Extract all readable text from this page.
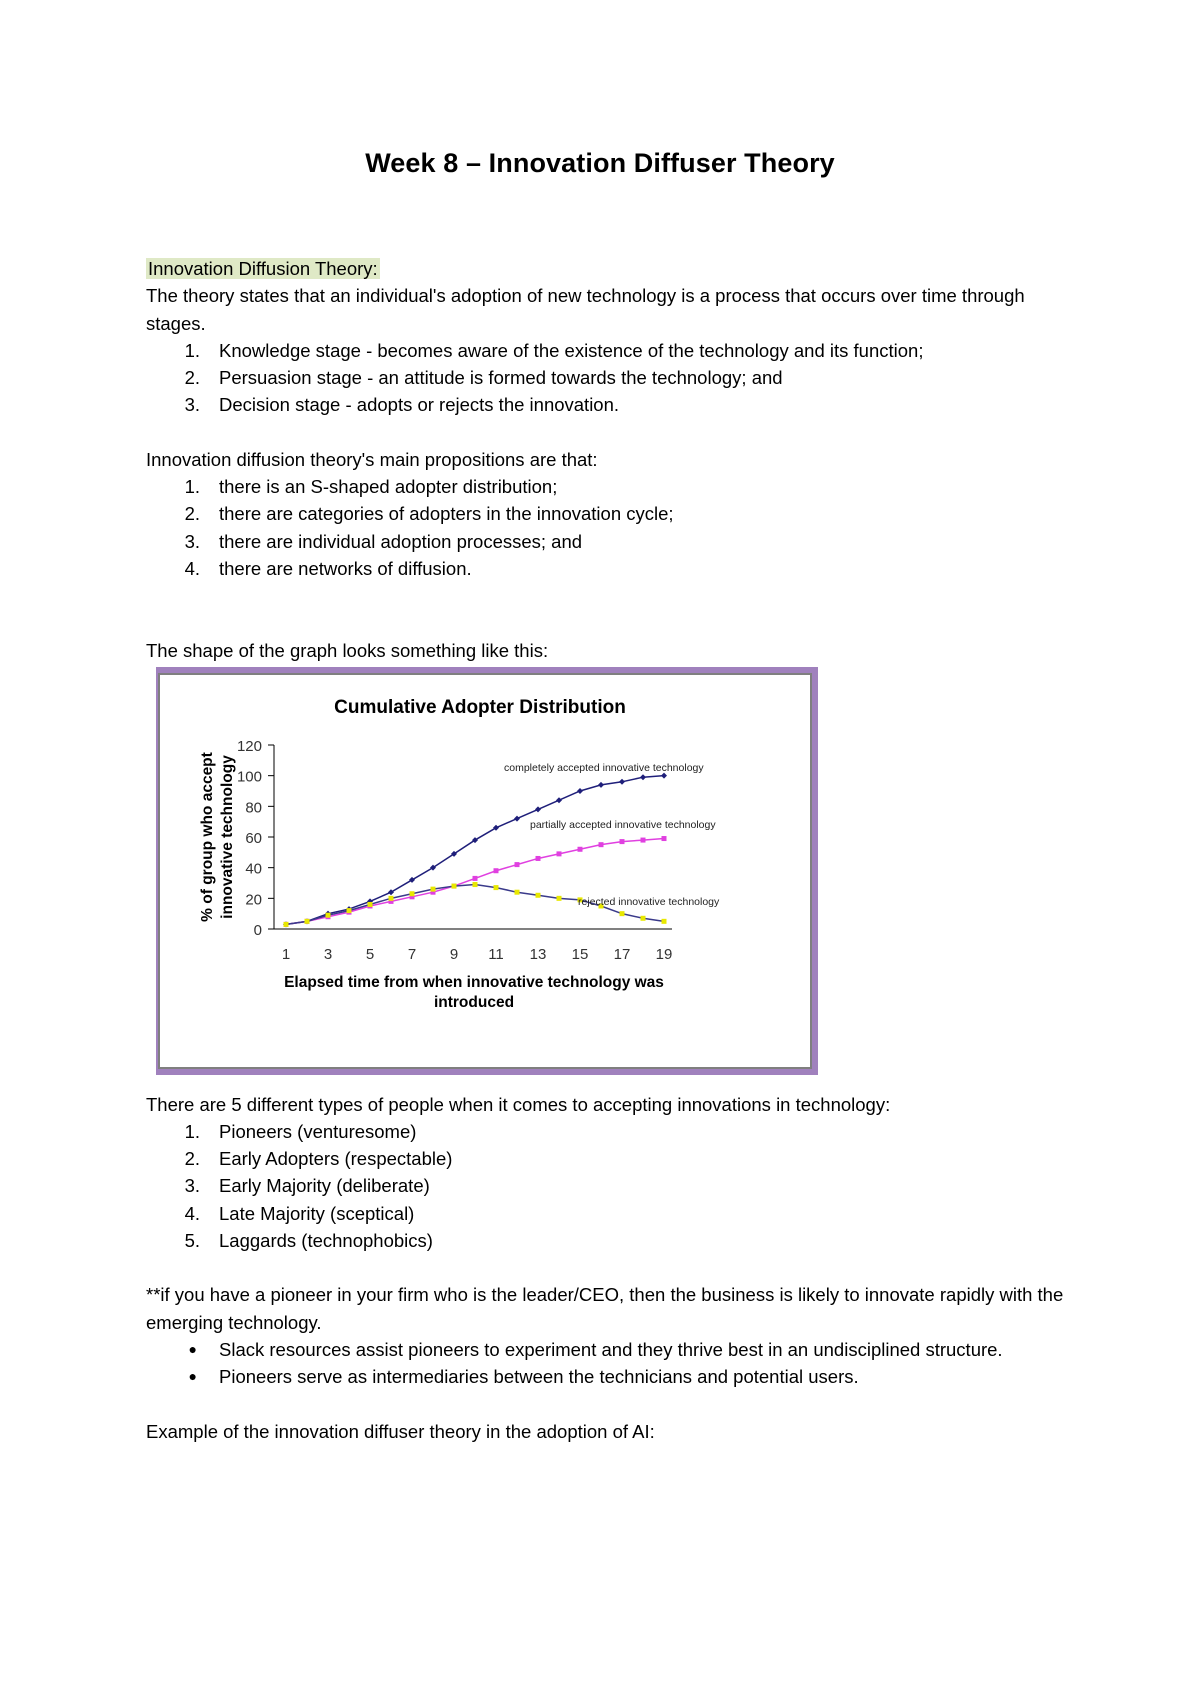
Week 8 – Innovation Diffuser Theory

Innovation Diffusion Theory:

The theory states that an individual's adoption of new technology is a process that occurs over time through stages.

1.	Knowledge stage - becomes aware of the existence of the technology and its function;
2.	Persuasion stage - an attitude is formed towards the technology; and
3.	Decision stage - adopts or rejects the innovation.

Innovation diffusion theory's main propositions are that:

1.	there is an S-shaped adopter distribution;
2.	there are categories of adopters in the innovation cycle;
3.	there are individual adoption processes; and
4.	there are networks of diffusion.

The shape of the graph looks something like this:

Cumulative Adopter Distribution
0
20
40
60
80
100
120
1 3 5 7 9 11 13 15 17 19
Elapsed time from when innovative technology was
introduced
% of group who accept innovative technology	completely accepted innovative technology
partially accepted innovative technology
rejected innovative technology

There are 5 different types of people when it comes to accepting innovations in technology:

1.	Pioneers (venturesome)
2.	Early Adopters (respectable)
3.	Early Majority (deliberate)
4.	Late Majority (sceptical)
5.	Laggards (technophobics)

**if you have a pioneer in your firm who is the leader/CEO, then the business is likely to innovate rapidly with the emerging technology.

●	Slack resources assist pioneers to experiment and they thrive best in an undisciplined structure.
●	Pioneers serve as intermediaries between the technicians and potential users.

Example of the innovation diffuser theory in the adoption of AI:
